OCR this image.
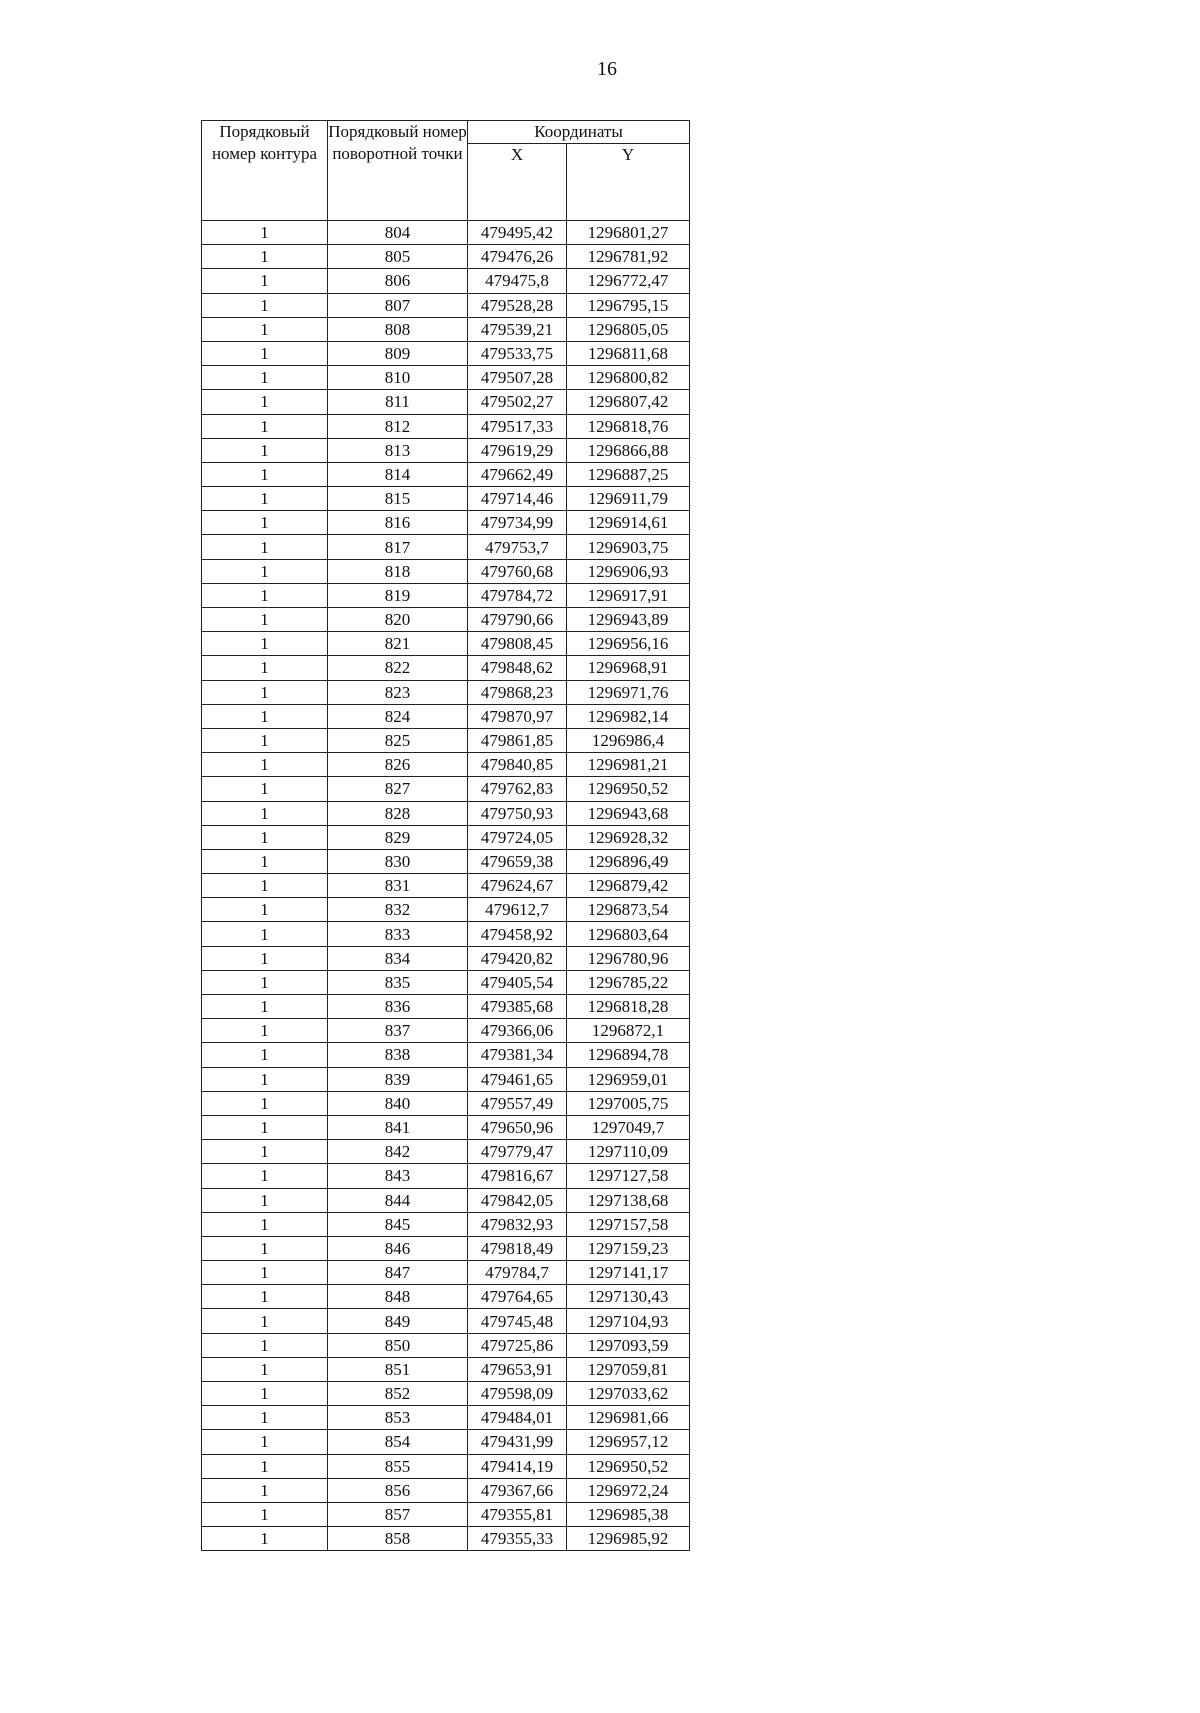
16
Порядковый номер контура	Порядковый номер поворотной точки	Координаты	
		X	Y
1	804	479495,42	1296801,27
1	805	479476,26	1296781,92
1	806	479475,8	1296772,47
1	807	479528,28	1296795,15
1	808	479539,21	1296805,05
1	809	479533,75	1296811,68
1	810	479507,28	1296800,82
1	811	479502,27	1296807,42
1	812	479517,33	1296818,76
1	813	479619,29	1296866,88
1	814	479662,49	1296887,25
1	815	479714,46	1296911,79
1	816	479734,99	1296914,61
1	817	479753,7	1296903,75
1	818	479760,68	1296906,93
1	819	479784,72	1296917,91
1	820	479790,66	1296943,89
1	821	479808,45	1296956,16
1	822	479848,62	1296968,91
1	823	479868,23	1296971,76
1	824	479870,97	1296982,14
1	825	479861,85	1296986,4
1	826	479840,85	1296981,21
1	827	479762,83	1296950,52
1	828	479750,93	1296943,68
1	829	479724,05	1296928,32
1	830	479659,38	1296896,49
1	831	479624,67	1296879,42
1	832	479612,7	1296873,54
1	833	479458,92	1296803,64
1	834	479420,82	1296780,96
1	835	479405,54	1296785,22
1	836	479385,68	1296818,28
1	837	479366,06	1296872,1
1	838	479381,34	1296894,78
1	839	479461,65	1296959,01
1	840	479557,49	1297005,75
1	841	479650,96	1297049,7
1	842	479779,47	1297110,09
1	843	479816,67	1297127,58
1	844	479842,05	1297138,68
1	845	479832,93	1297157,58
1	846	479818,49	1297159,23
1	847	479784,7	1297141,17
1	848	479764,65	1297130,43
1	849	479745,48	1297104,93
1	850	479725,86	1297093,59
1	851	479653,91	1297059,81
1	852	479598,09	1297033,62
1	853	479484,01	1296981,66
1	854	479431,99	1296957,12
1	855	479414,19	1296950,52
1	856	479367,66	1296972,24
1	857	479355,81	1296985,38
1	858	479355,33	1296985,92
